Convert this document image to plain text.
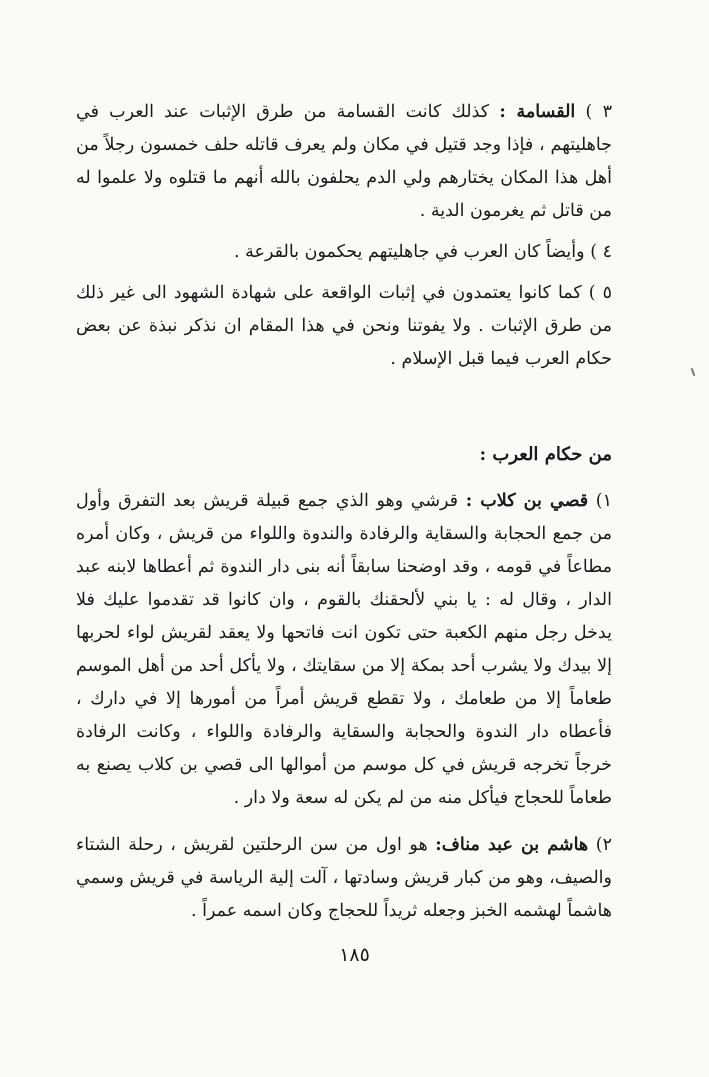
٣ ) القسامة : كذلك كانت القسامة من طرق الإثبات عند العرب في جاهليتهم ، فإذا وجد قتيل في مكان ولم يعرف قاتله حلف خمسون رجلاً من أهل هذا المكان يختارهم ولي الدم يحلفون بالله أنهم ما قتلوه ولا علموا له من قاتل ثم يغرمون الدية .

٤ ) وأيضاً كان العرب في جاهليتهم يحكمون بالقرعة .

٥ ) كما كانوا يعتمدون في إثبات الواقعة على شهادة الشهود الى غير ذلك من طرق الإثبات . ولا يفوتنا ونحن في هذا المقام ان نذكر نبذة عن بعض حكام العرب فيما قبل الإسلام .

من حكام العرب :

١) قصي بن كلاب : قرشي وهو الذي جمع قبيلة قريش بعد التفرق وأول من جمع الحجابة والسقاية والرفادة والندوة واللواء من قريش ، وكان أمره مطاعاً في قومه ، وقد اوضحنا سابقاً أنه بنى دار الندوة ثم أعطاها لابنه عبد الدار ، وقال له : يا بني لألحقنك بالقوم ، وان كانوا قد تقدموا عليك فلا يدخل رجل منهم الكعبة حتى تكون انت فاتحها ولا يعقد لقريش لواء لحربها إلا بيدك ولا يشرب أحد بمكة إلا من سقايتك ، ولا يأكل أحد من أهل الموسم طعاماً إلا من طعامك ، ولا تقطع قريش أمراً من أمورها إلا في دارك ، فأعطاه دار الندوة والحجابة والسقاية والرفادة واللواء ، وكانت الرفادة خرجاً تخرجه قريش في كل موسم من أموالها الى قصي بن كلاب يصنع به طعاماً للحجاج فيأكل منه من لم يكن له سعة ولا دار .

٢) هاشم بن عبد مناف: هو اول من سن الرحلتين لقريش ، رحلة الشتاء والصيف، وهو من كبار قريش وسادتها ، آلت إلية الرياسة في قريش وسمي هاشماً لهشمه الخبز وجعله ثريداً للحجاج وكان اسمه عمراً .

١٨٥
